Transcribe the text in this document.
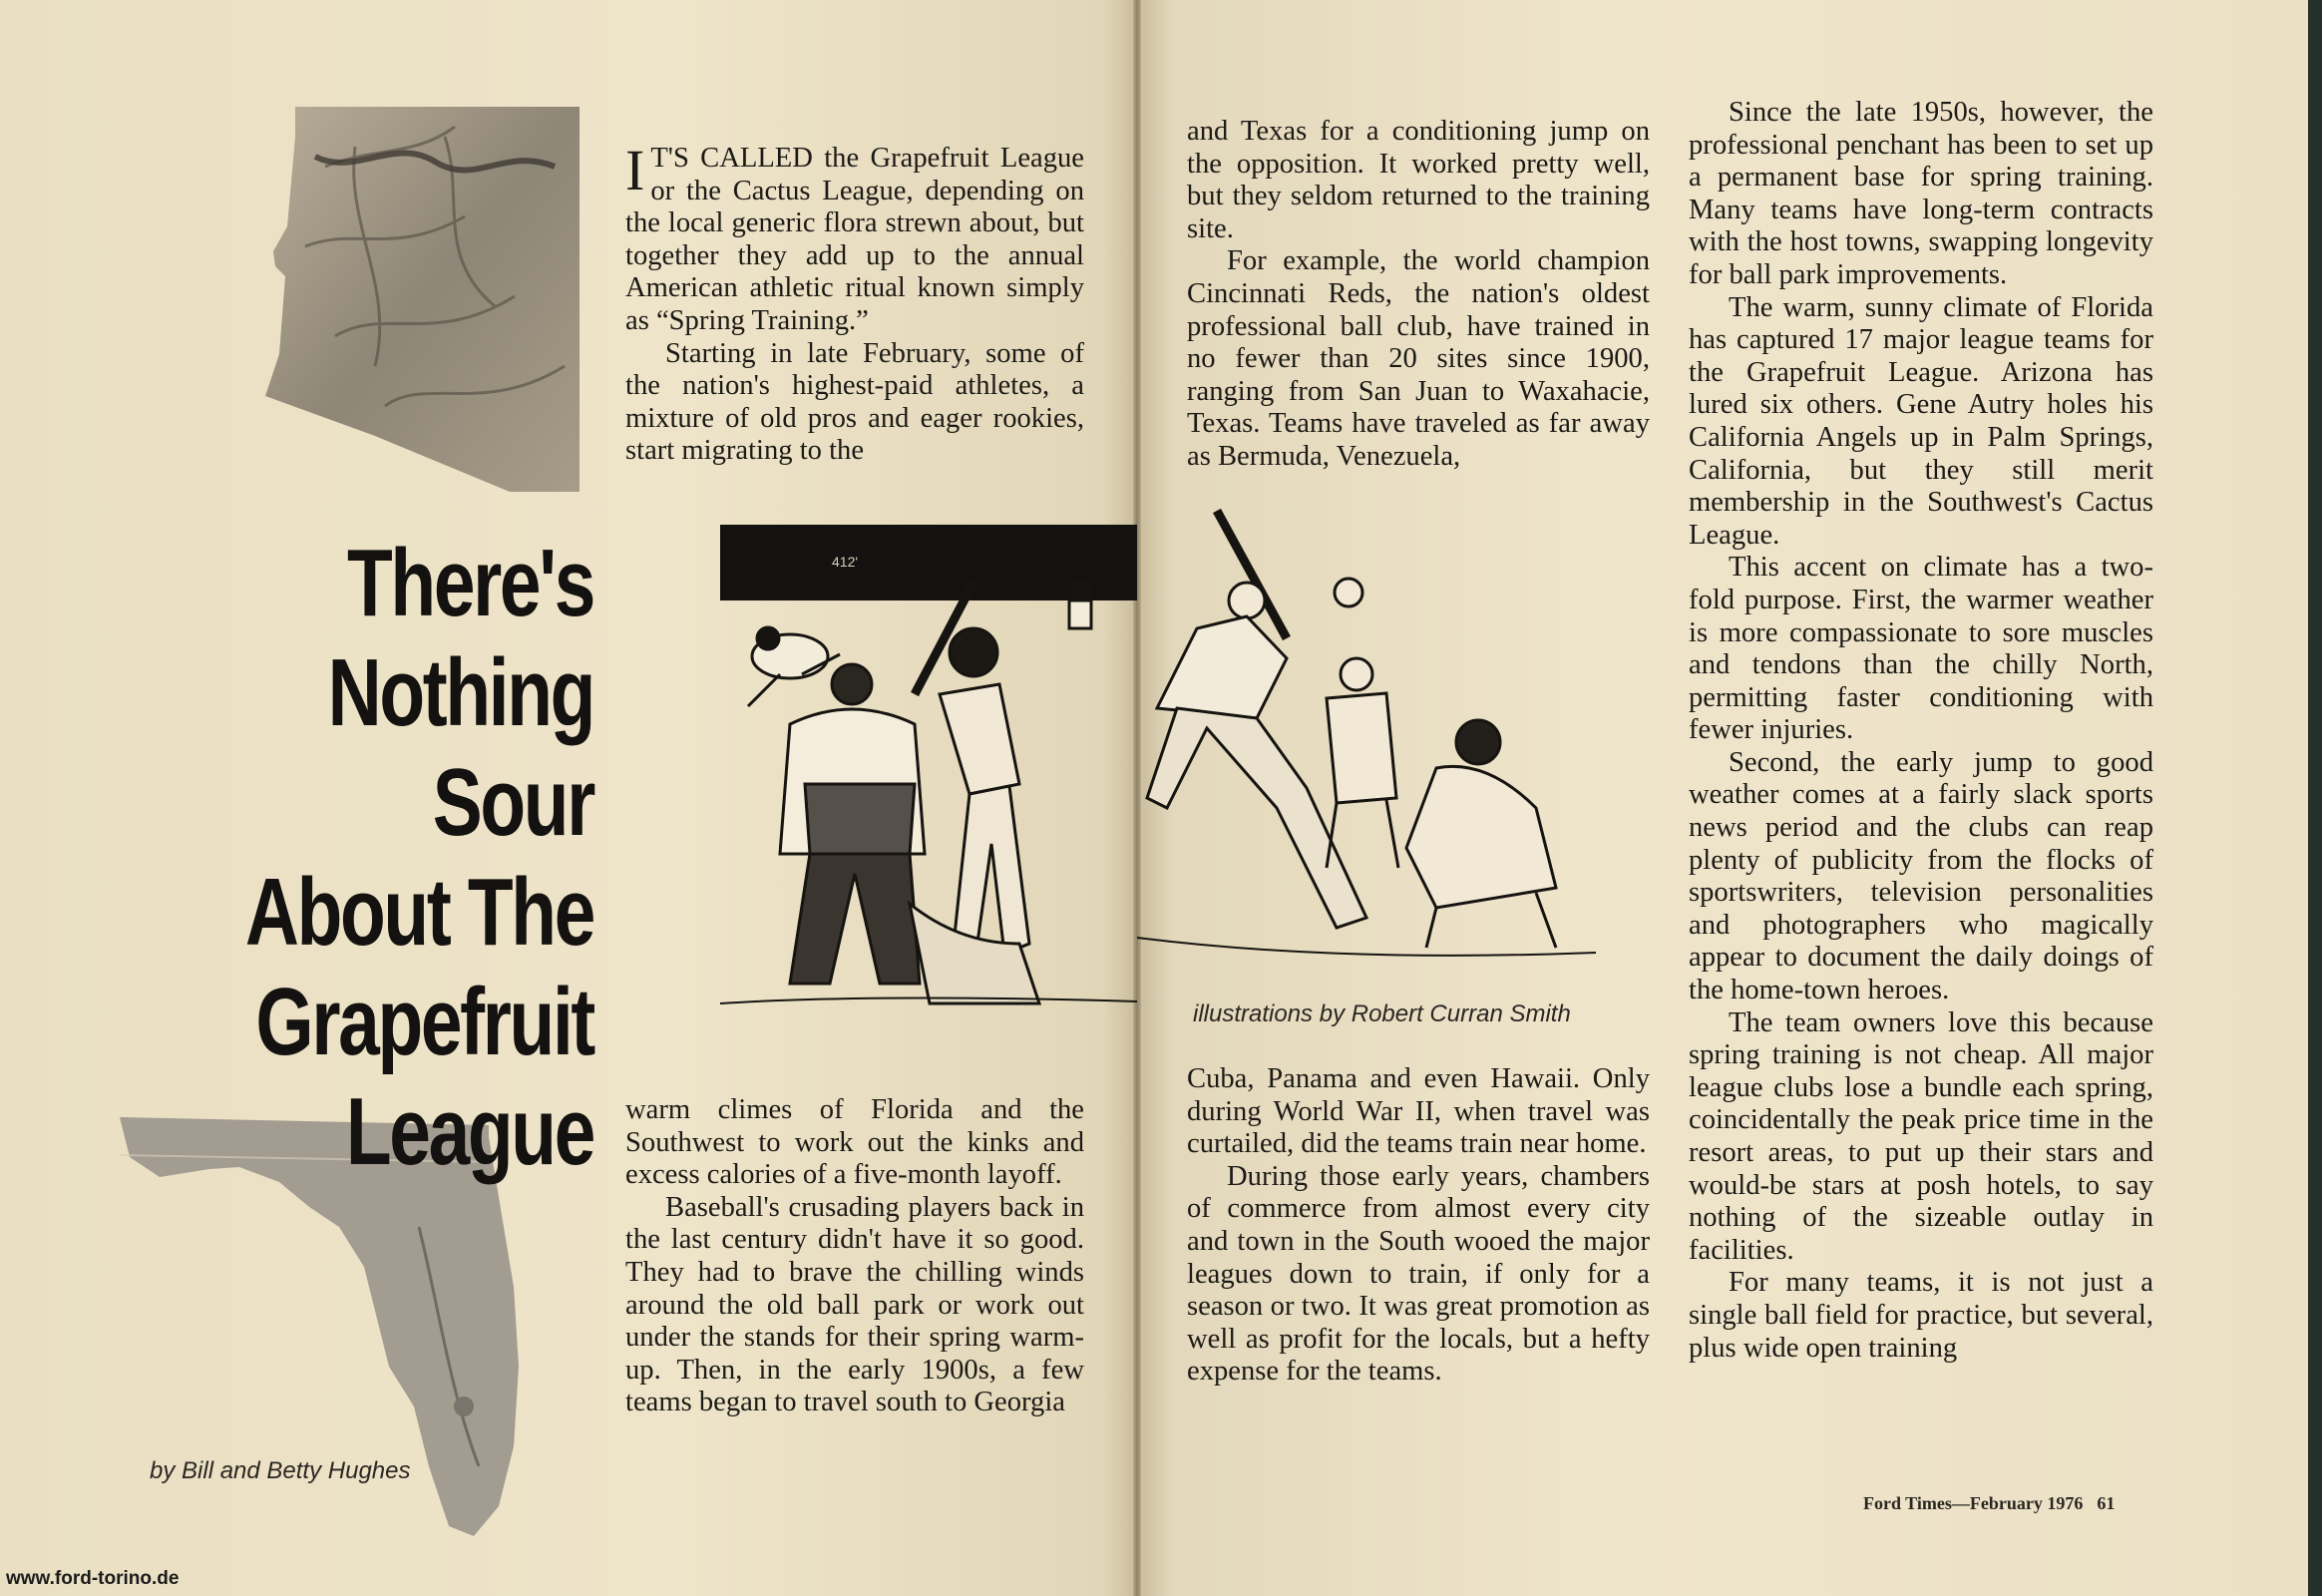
412'
There's
Nothing Sour
About The
Grapefruit
League
by Bill and Betty Hughes

I T'S CALLED the Grapefruit League or the Cactus League, depending on the local generic flora strewn about, but together they add up to the annual American athletic ritual known simply as “Spring Training.”

Starting in late February, some of the nation's highest-paid athletes, a mixture of old pros and eager rookies, start migrating to the

warm climes of Florida and the Southwest to work out the kinks and excess calories of a five-month layoff.

Baseball's crusading players back in the last century didn't have it so good. They had to brave the chilling winds around the old ball park or work out under the stands for their spring warm-up. Then, in the early 1900s, a few teams began to travel south to Georgia

and Texas for a conditioning jump on the opposition. It worked pretty well, but they seldom returned to the training site.

For example, the world champion Cincinnati Reds, the nation's oldest professional ball club, have trained in no fewer than 20 sites since 1900, ranging from San Juan to Waxahacie, Texas. Teams have traveled as far away as Bermuda, Venezuela,

illustrations by Robert Curran Smith

Cuba, Panama and even Hawaii. Only during World War II, when travel was curtailed, did the teams train near home.

During those early years, chambers of commerce from almost every city and town in the South wooed the major leagues down to train, if only for a season or two. It was great promotion as well as profit for the locals, but a hefty expense for the teams.

Since the late 1950s, however, the professional penchant has been to set up a permanent base for spring training. Many teams have long-term contracts with the host towns, swapping longevity for ball park improvements.

The warm, sunny climate of Florida has captured 17 major league teams for the Grapefruit League. Arizona has lured six others. Gene Autry holes his California Angels up in Palm Springs, California, but they still merit membership in the Southwest's Cactus League.

This accent on climate has a two-fold purpose. First, the warmer weather is more compassionate to sore muscles and tendons than the chilly North, permitting faster conditioning with fewer injuries.

Second, the early jump to good weather comes at a fairly slack sports news period and the clubs can reap plenty of publicity from the flocks of sportswriters, television personalities and photographers who magically appear to document the daily doings of the home-town heroes.

The team owners love this because spring training is not cheap. All major league clubs lose a bundle each spring, coincidentally the peak price time in the resort areas, to put up their stars and would-be stars at posh hotels, to say nothing of the sizeable outlay in facilities.

For many teams, it is not just a single ball field for practice, but several, plus wide open training

Ford Times—February 1976 61
www.ford-torino.de
